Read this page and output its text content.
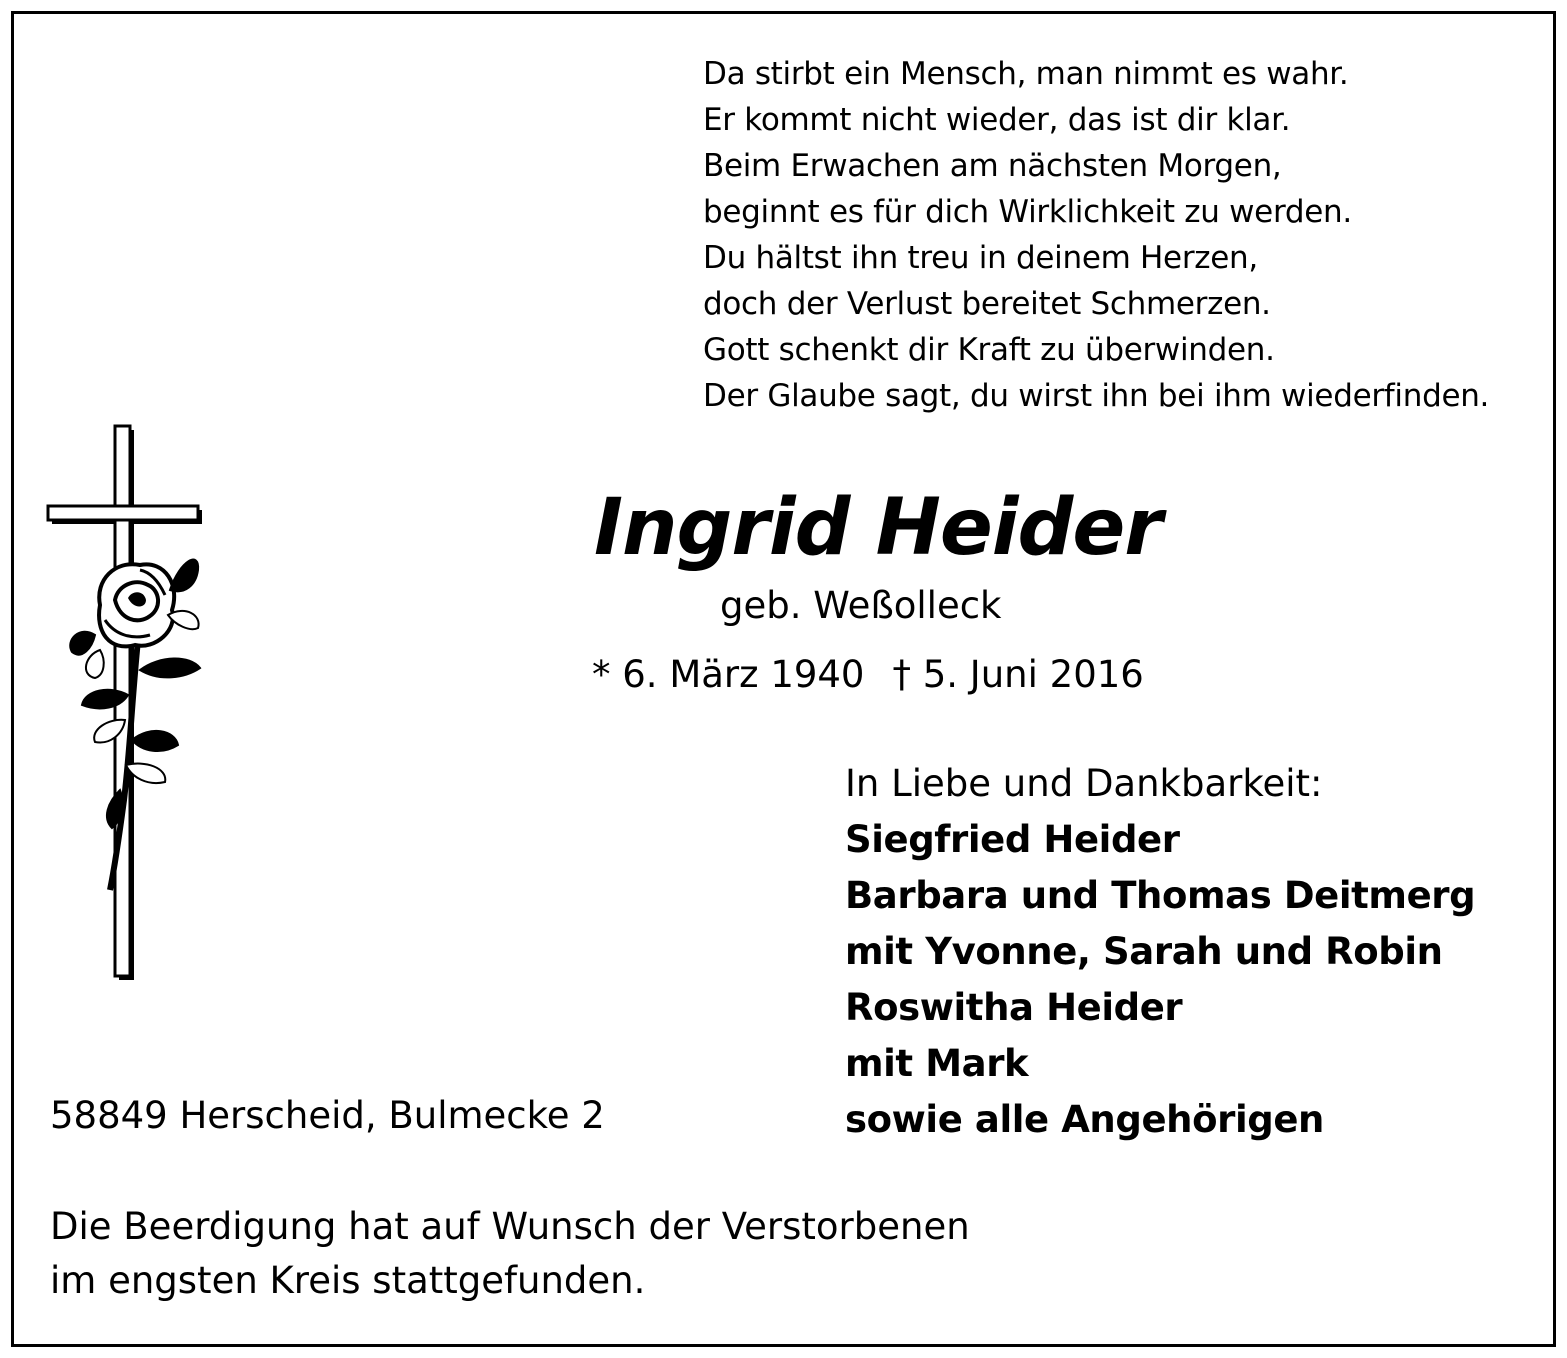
Da stirbt ein Mensch, man nimmt es wahr.
Er kommt nicht wieder, das ist dir klar.
Beim Erwachen am nächsten Morgen,
beginnt es für dich Wirklichkeit zu werden.
Du hältst ihn treu in deinem Herzen,
doch der Verlust bereitet Schmerzen.
Gott schenkt dir Kraft zu überwinden.
Der Glaube sagt, du wirst ihn bei ihm wiederfinden.
Ingrid Heider
geb. Weßolleck
* 6. März 1940 † 5. Juni 2016
In Liebe und Dankbarkeit:
Siegfried Heider
Barbara und Thomas Deitmerg
mit Yvonne, Sarah und Robin
Roswitha Heider
mit Mark
sowie alle Angehörigen
58849 Herscheid, Bulmecke 2
Die Beerdigung hat auf Wunsch der Verstorbenen
im engsten Kreis stattgefunden.
